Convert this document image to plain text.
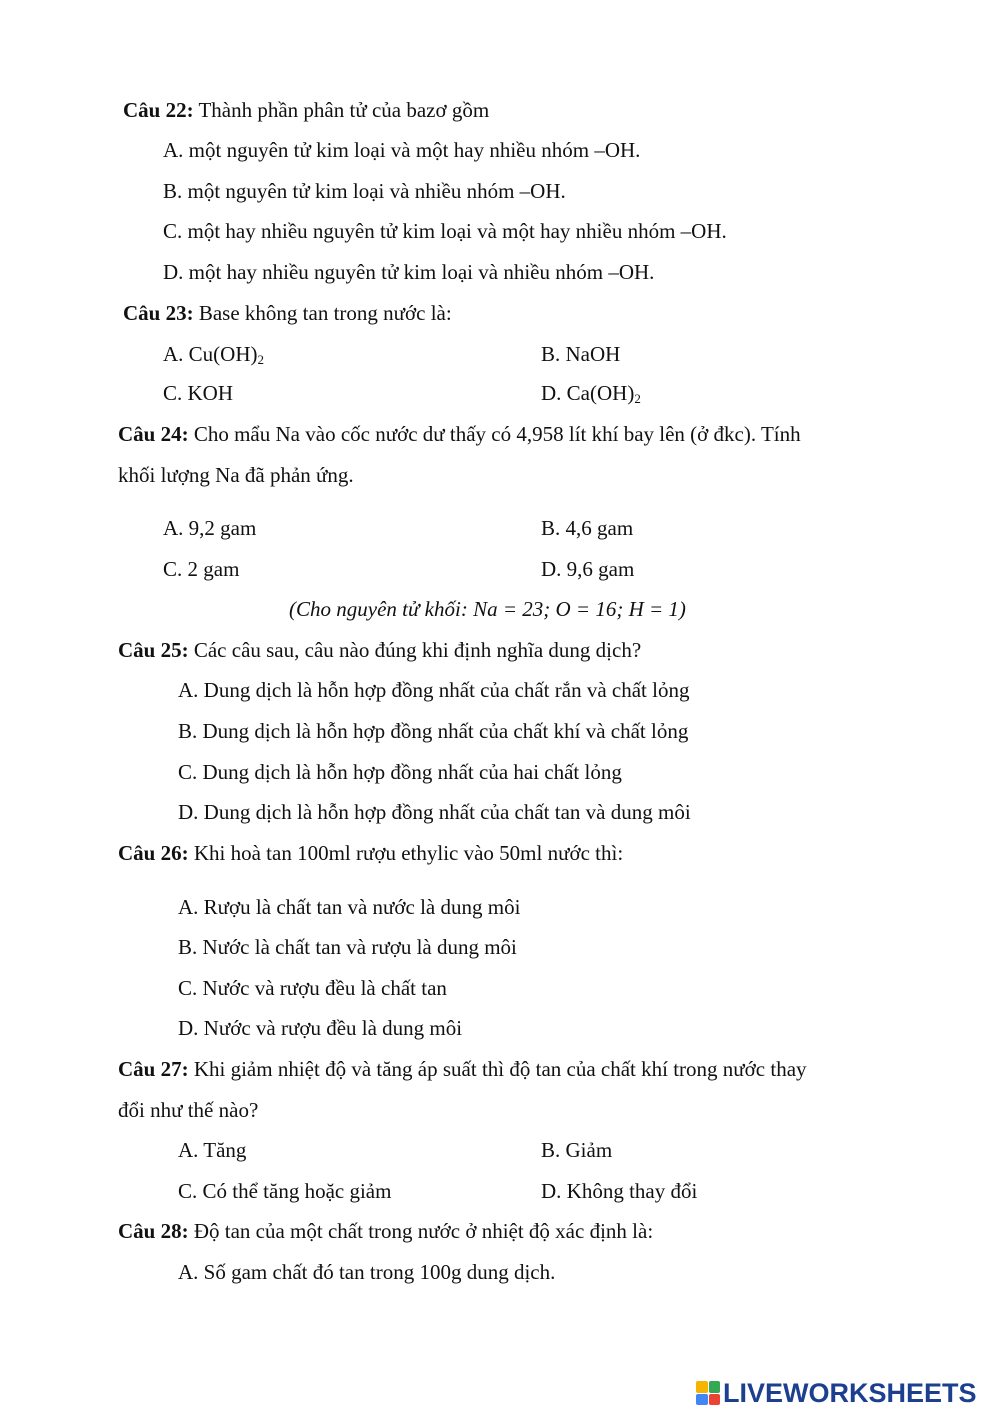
Câu 22: Thành phần phân tử của bazơ gồm
A. một nguyên tử kim loại và một hay nhiều nhóm –OH.
B. một nguyên tử kim loại và nhiều nhóm –OH.
C. một hay nhiều nguyên tử kim loại và một hay nhiều nhóm –OH.
D. một hay nhiều nguyên tử kim loại và nhiều nhóm –OH.
Câu 23: Base không tan trong nước là:
A. $Cu(OH)_2$	B. NaOH
C. KOH	D. $Ca(OH)_2$
Câu 24: Cho mẩu Na vào cốc nước dư thấy có 4,958 lít khí bay lên (ở đkc). Tính
khối lượng Na đã phản ứng.
A. 9,2 gam	B. 4,6 gam
C. 2 gam	D. 9,6 gam
(Cho nguyên tử khối: Na = 23; O = 16; H = 1)
Câu 25: Các câu sau, câu nào đúng khi định nghĩa dung dịch?
A. Dung dịch là hỗn hợp đồng nhất của chất rắn và chất lỏng
B. Dung dịch là hỗn hợp đồng nhất của chất khí và chất lỏng
C. Dung dịch là hỗn hợp đồng nhất của hai chất lỏng
D. Dung dịch là hỗn hợp đồng nhất của chất tan và dung môi
Câu 26: Khi hoà tan 100ml rượu ethylic vào 50ml nước thì:
A. Rượu là chất tan và nước là dung môi
B. Nước là chất tan và rượu là dung môi
C. Nước và rượu đều là chất tan
D. Nước và rượu đều là dung môi
Câu 27: Khi giảm nhiệt độ và tăng áp suất thì độ tan của chất khí trong nước thay
đổi như thế nào?
A. Tăng	B. Giảm
C. Có thể tăng hoặc giảm	D. Không thay đổi
Câu 28: Độ tan của một chất trong nước ở nhiệt độ xác định là:
A. Số gam chất đó tan trong 100g dung dịch.
LIVEWORKSHEETS
